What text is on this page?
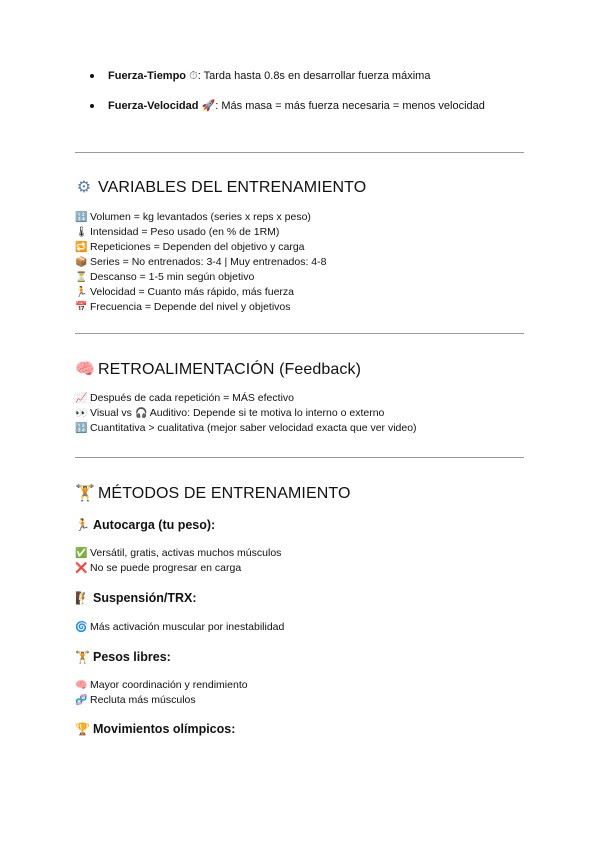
Fuerza-Tiempo ⏱: Tarda hasta 0.8s en desarrollar fuerza máxima
Fuerza-Velocidad 🚀: Más masa = más fuerza necesaria = menos velocidad
⚙ VARIABLES DEL ENTRENAMIENTO
🔢 Volumen = kg levantados (series x reps x peso)
🌡 Intensidad = Peso usado (en % de 1RM)
🔁 Repeticiones = Dependen del objetivo y carga
📦 Series = No entrenados: 3-4 | Muy entrenados: 4-8
⏳ Descanso = 1-5 min según objetivo
🏃 Velocidad = Cuanto más rápido, más fuerza
📅 Frecuencia = Depende del nivel y objetivos
🧠 RETROALIMENTACIÓN (Feedback)
📈 Después de cada repetición = MÁS efectivo
👀 Visual vs 🎧 Auditivo: Depende si te motiva lo interno o externo
🔢 Cuantitativa > cualitativa (mejor saber velocidad exacta que ver video)
🏋 MÉTODOS DE ENTRENAMIENTO
🏃 Autocarga (tu peso):
✅ Versátil, gratis, activas muchos músculos
❌ No se puede progresar en carga
🧗 Suspensión/TRX:
🌀 Más activación muscular por inestabilidad
🏋 Pesos libres:
🧠 Mayor coordinación y rendimiento
🧬 Recluta más músculos
🏆 Movimientos olímpicos:
